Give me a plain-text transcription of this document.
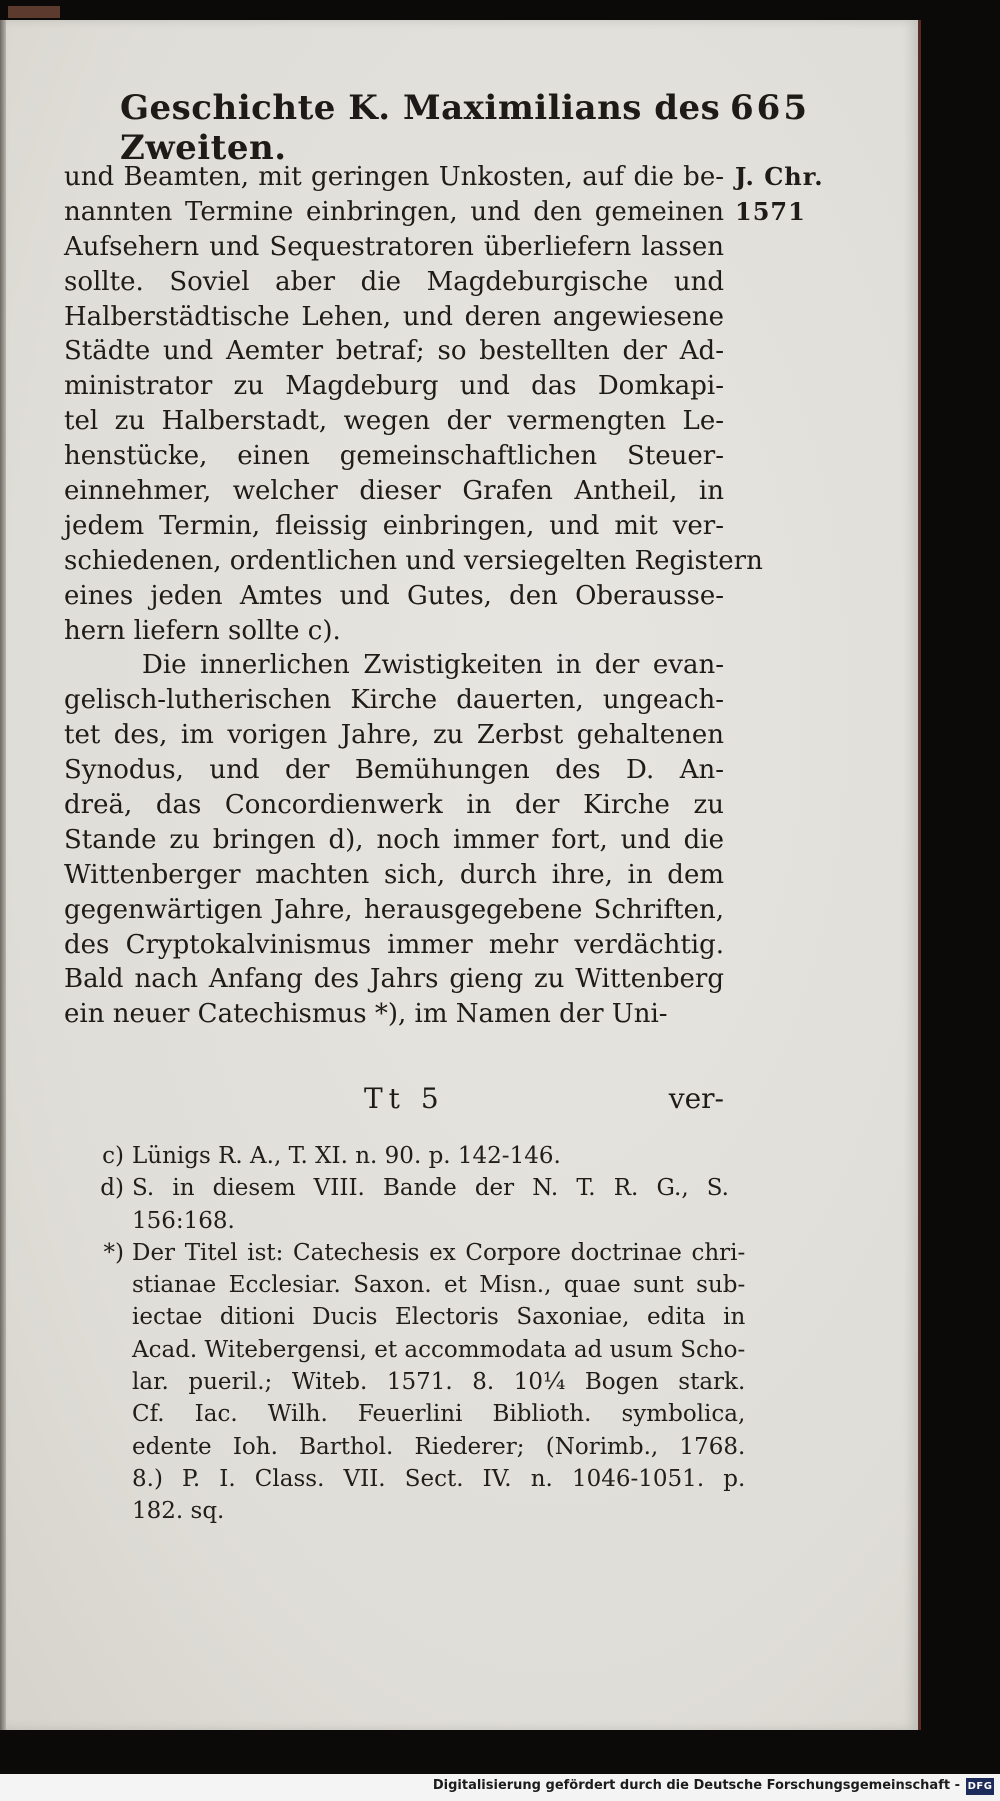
Geschichte K. Maximilians des Zweiten.
665
J. Chr.
1571
und Beamten, mit geringen Unkosten, auf die be-
nannten Termine einbringen, und den gemeinen
Aufsehern und Sequestratoren überliefern lassen
sollte. Soviel aber die Magdeburgische und
Halberstädtische Lehen, und deren angewiesene
Städte und Aemter betraf; so bestellten der Ad-
ministrator zu Magdeburg und das Domkapi-
tel zu Halberstadt, wegen der vermengten Le-
henstücke, einen gemeinschaftlichen Steuer-
einnehmer, welcher dieser Grafen Antheil, in
jedem Termin, fleissig einbringen, und mit ver-
schiedenen, ordentlichen und versiegelten Registern
eines jeden Amtes und Gutes, den Oberausse-
hern liefern sollte c).
Die innerlichen Zwistigkeiten in der evan-
gelisch-lutherischen Kirche dauerten, ungeach-
tet des, im vorigen Jahre, zu Zerbst gehaltenen
Synodus, und der Bemühungen des D. An-
dreä, das Concordienwerk in der Kirche zu
Stande zu bringen d), noch immer fort, und die
Wittenberger machten sich, durch ihre, in dem
gegenwärtigen Jahre, herausgegebene Schriften,
des Cryptokalvinismus immer mehr verdächtig.
Bald nach Anfang des Jahrs gieng zu Wittenberg
ein neuer Catechismus *), im Namen der Uni-
Tt 5	ver-
c) Lünigs R. A., T. XI. n. 90. p. 142-146.
d) S. in diesem VIII. Bande der N. T. R. G., S.
156:168.
*) Der Titel ist: Catechesis ex Corpore doctrinae chri-
stianae Ecclesiar. Saxon. et Misn., quae sunt sub-
iectae ditioni Ducis Electoris Saxoniae, edita in
Acad. Witebergensi, et accommodata ad usum Scho-
lar. pueril.; Witeb. 1571. 8. 10¼ Bogen stark.
Cf. Iac. Wilh. Feuerlini Biblioth. symbolica,
edente Ioh. Barthol. Riederer; (Norimb., 1768.
8.) P. I. Class. VII. Sect. IV. n. 1046-1051. p.
182. sq.
Digitalisierung gefördert durch die Deutsche Forschungsgemeinschaft - DFG
